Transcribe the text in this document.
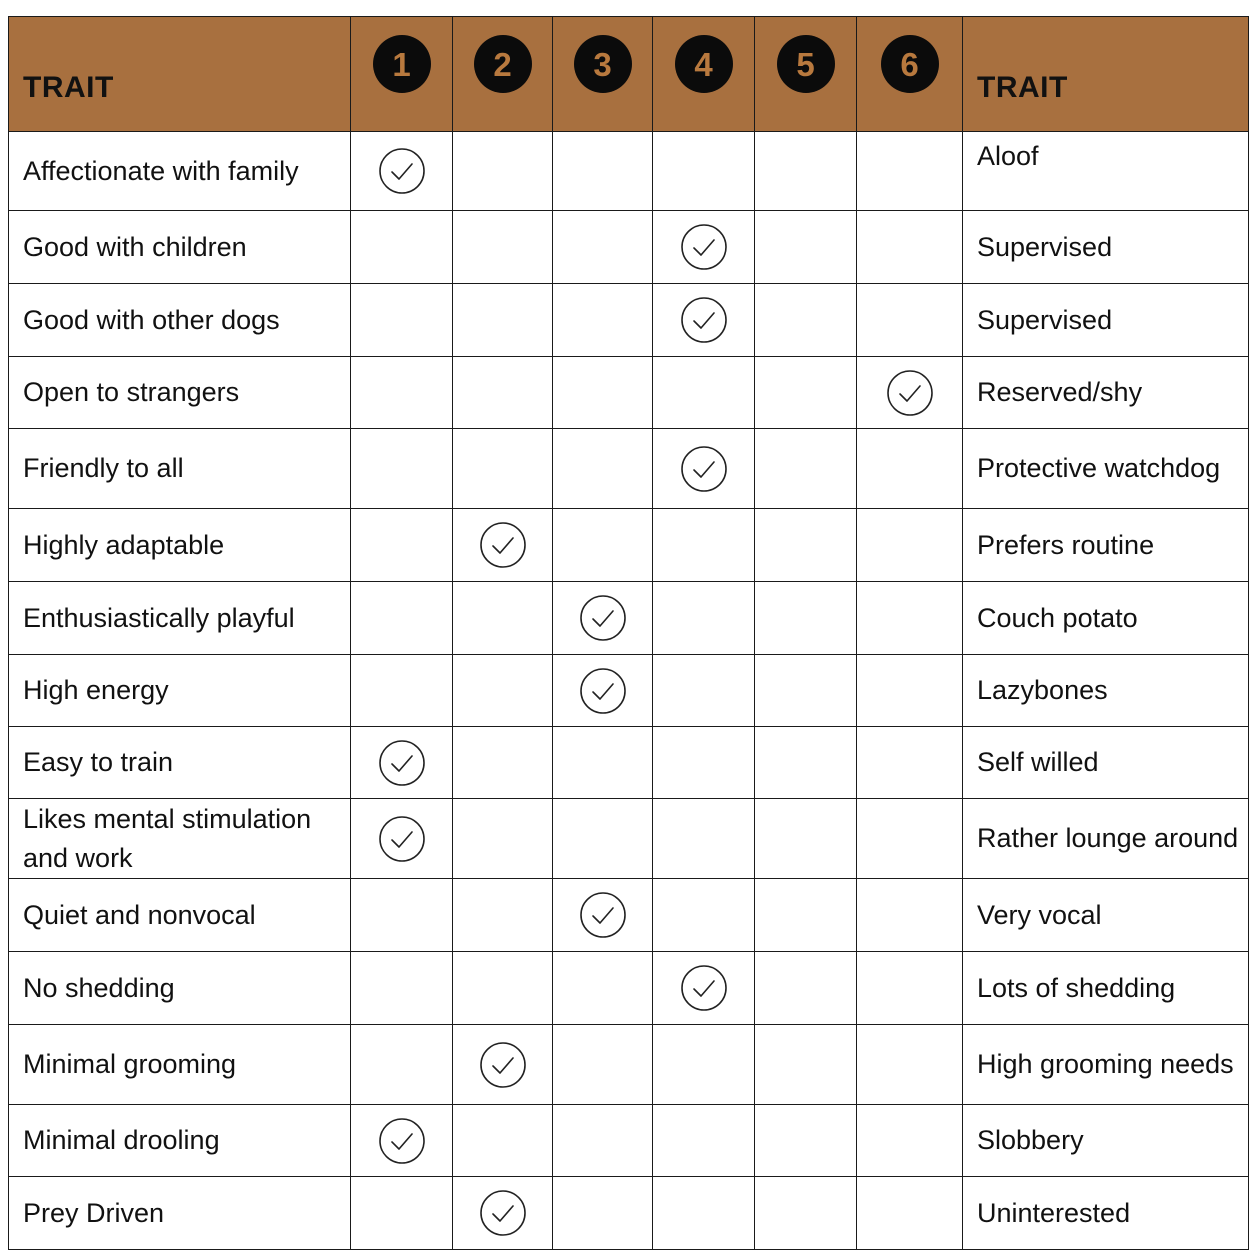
TRAIT	1	2	3	4	5	6	TRAIT
Affectionate with family							Aloof
Good with children							Supervised
Good with other dogs							Supervised
Open to strangers							Reserved/shy
Friendly to all							Protective watchdog
Highly adaptable							Prefers routine
Enthusiastically playful							Couch potato
High energy							Lazybones
Easy to train							Self willed
Likes mental stimulation and work							Rather lounge around
Quiet and nonvocal							Very vocal
No shedding							Lots of shedding
Minimal grooming							High grooming needs
Minimal drooling							Slobbery
Prey Driven							Uninterested
